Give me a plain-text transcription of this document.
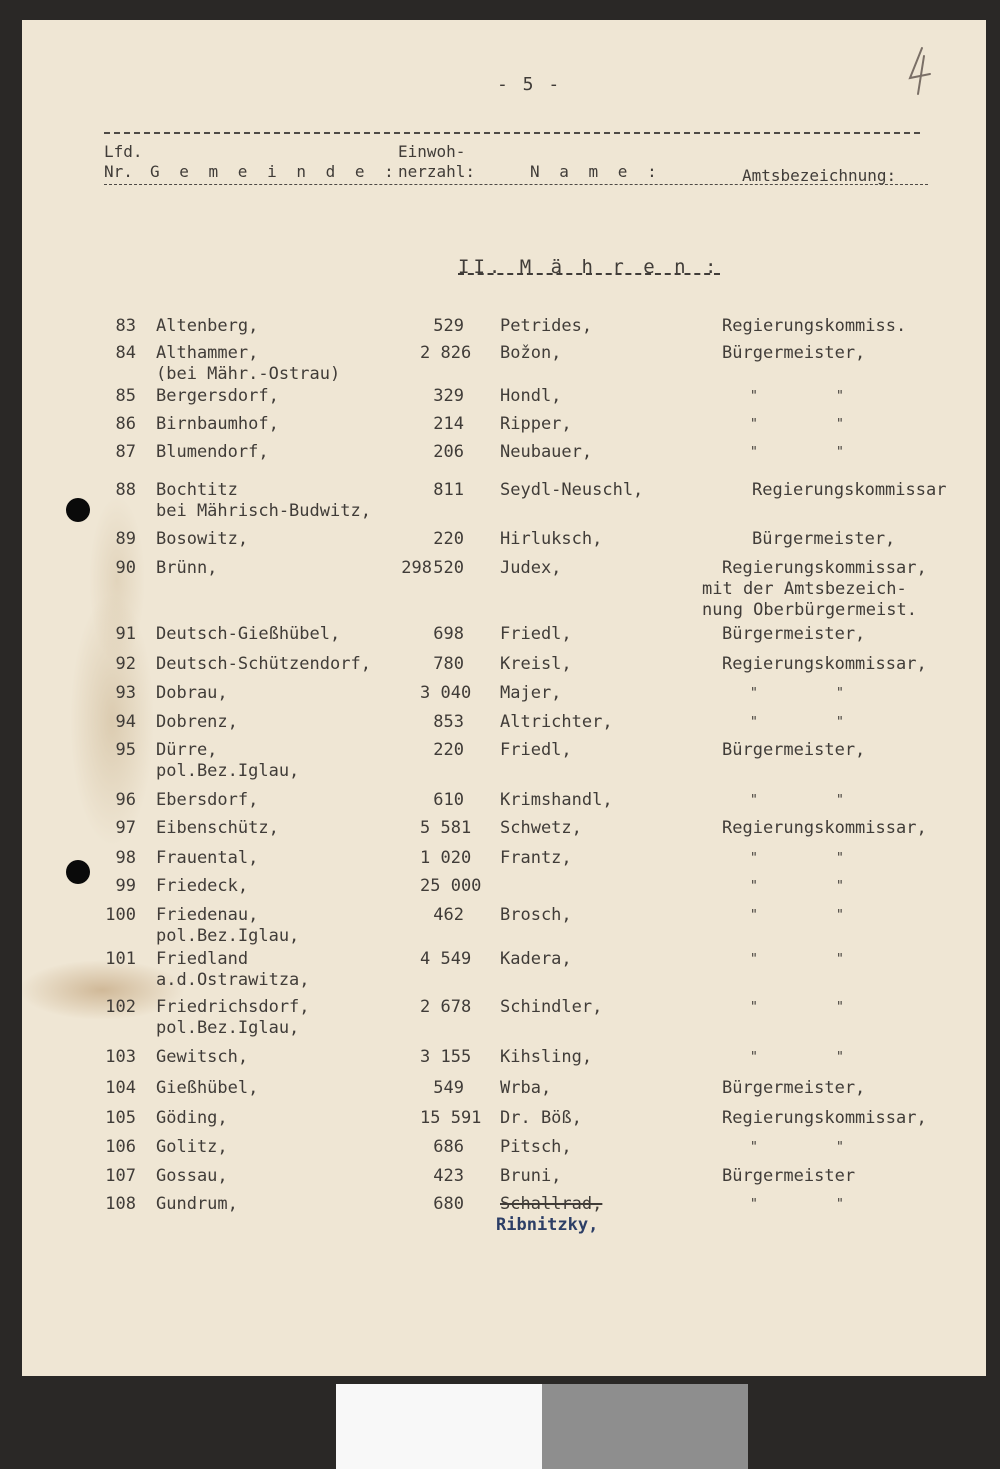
- 5 -
Lfd.
Nr. G e m e i n d e :
Einwoh-
nerzahl:	N a m e :	Amtsbezeichnung:
II. M ä h r e n :
83 Altenberg,	529 Petrides,	Regierungskommiss.
84 Althammer,
(bei Mähr.-Ostrau)
2 826 Božon,	Bürgermeister,
85 Bergersdorf,	329 Hondl,	"	"
86 Birnbaumhof,	214 Ripper,	"	"
87 Blumendorf,	206 Neubauer,	"	"
88 Bochtitz
bei Mährisch-Budwitz,
811 Seydl-Neuschl,	Regierungskommissar
89 Bosowitz,	220 Hirluksch,	Bürgermeister,
90 Brünn,	298 520 Judex,	Regierungskommissar,
mit der Amtsbezeich-
nung Oberbürgermeist.
91 Deutsch-Gießhübel,	698 Friedl,	Bürgermeister,
92 Deutsch-Schützendorf,	780 Kreisl,	Regierungskommissar,
93 Dobrau,	3 040 Majer,	"	"
94 Dobrenz,	853 Altrichter,	"	"
95 Dürre,
pol.Bez.Iglau,
220 Friedl,	Bürgermeister,
96 Ebersdorf,	610 Krimshandl,	"	"
97 Eibenschütz,	5 581 Schwetz,	Regierungskommissar,
98 Frauental,	1 020 Frantz,	"	"
99 Friedeck,	25 000	"	"
100 Friedenau,
pol.Bez.Iglau,
462 Brosch,	"	"
101 Friedland
a.d.Ostrawitza,
4 549 Kadera,	"	"
102 Friedrichsdorf,
pol.Bez.Iglau,
2 678 Schindler,	"	"
103 Gewitsch,	3 155 Kihsling,	"	"
104 Gießhübel,	549 Wrba,	Bürgermeister,
105 Göding,	15 591 Dr. Böß,	Regierungskommissar,
106 Golitz,	686 Pitsch,	"	"
107 Gossau,	423 Bruni,	Bürgermeister
108 Gundrum,	680 Schallrad,
Ribnitzky,
"	"
